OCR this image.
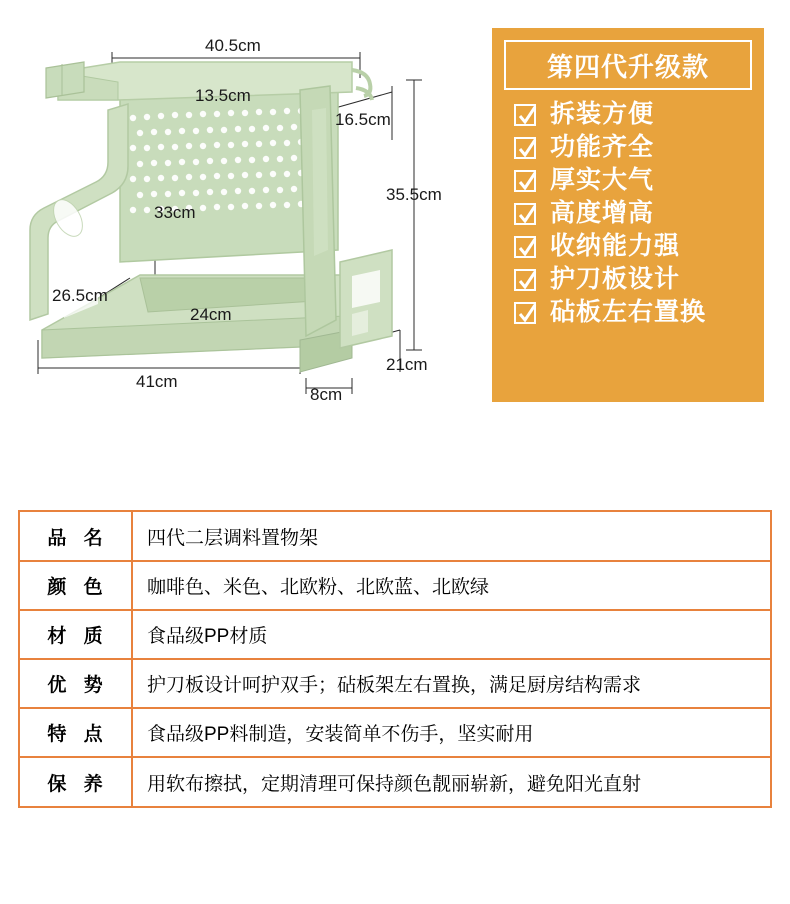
40.5cm
13.5cm
16.5cm
35.5cm
33cm
26.5cm
24cm
41cm
21cm
8cm
第四代升级款
拆装方便
功能齐全
厚实大气
高度增高
收纳能力强
护刀板设计
砧板左右置换
品 名	四代二层调料置物架
颜 色	咖啡色、米色、北欧粉、北欧蓝、北欧绿
材 质	食品级PP材质
优 势	护刀板设计呵护双手；砧板架左右置换，满足厨房结构需求
特 点	食品级PP料制造，安装简单不伤手，坚实耐用
保 养	用软布擦拭，定期清理可保持颜色靓丽崭新，避免阳光直射
